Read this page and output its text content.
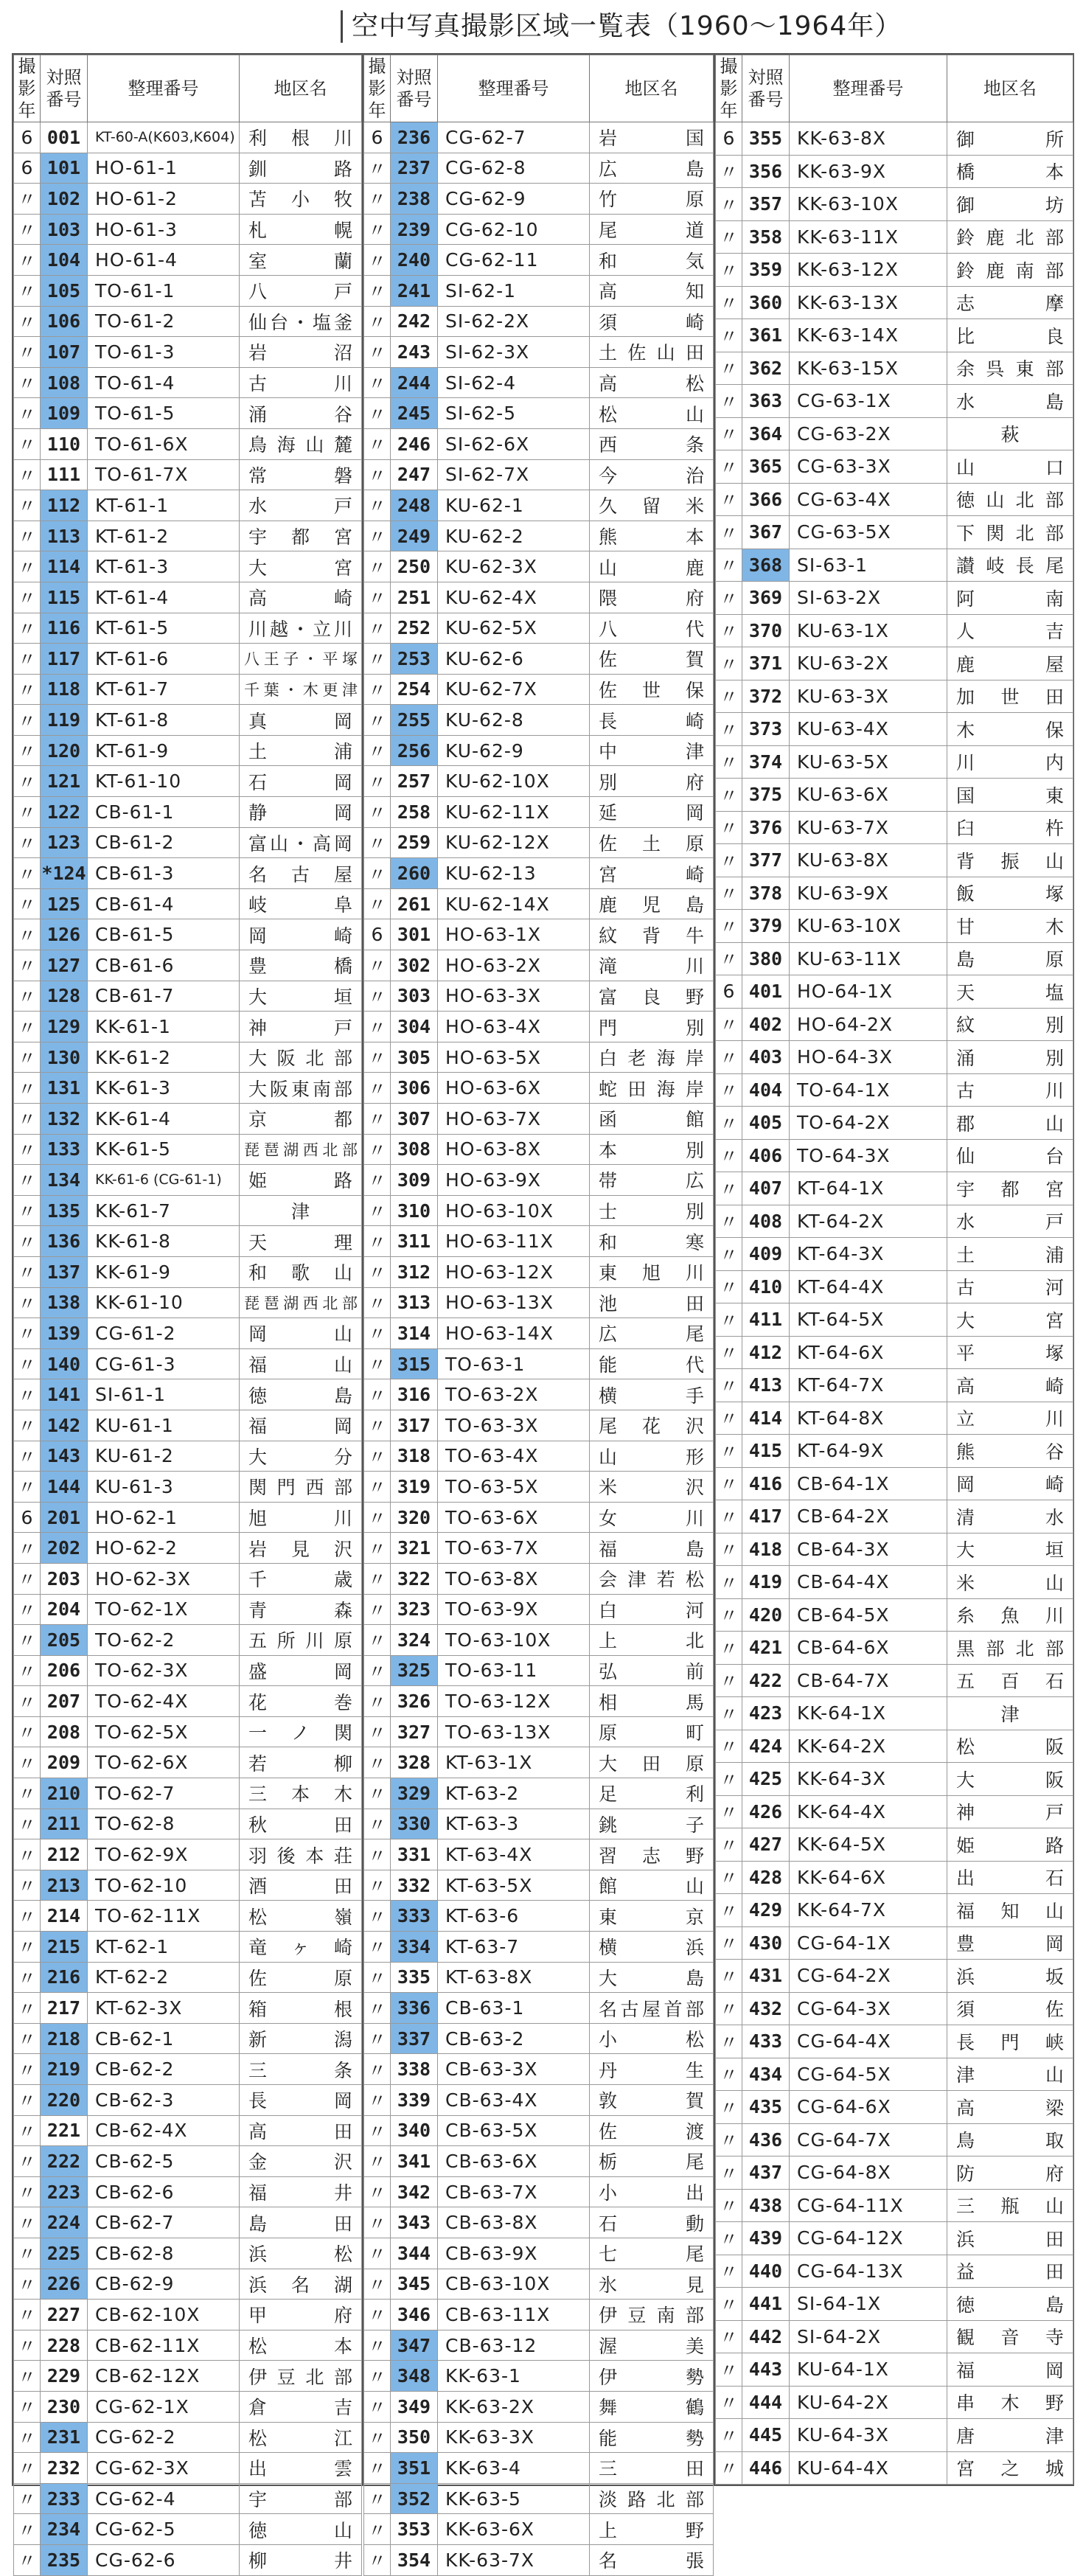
空中写真撮影区域一覧表（1960～1964年）
撮影年	対照番号	整理番号	地区名
6	001	KT-60-A(K603,K604)	利 根 川
6	101	HO-61-1	釧 路
〃	102	HO-61-2	苫 小 牧
〃	103	HO-61-3	札 幌
〃	104	HO-61-4	室 蘭
〃	105	TO-61-1	八 戸
〃	106	TO-61-2	仙台・塩釜
〃	107	TO-61-3	岩 沼
〃	108	TO-61-4	古 川
〃	109	TO-61-5	涌 谷
〃	110	TO-61-6X	鳥海山麓
〃	111	TO-61-7X	常 磐
〃	112	KT-61-1	水 戸
〃	113	KT-61-2	宇 都 宮
〃	114	KT-61-3	大 宮
〃	115	KT-61-4	高 崎
〃	116	KT-61-5	川越・立川
〃	117	KT-61-6	八王子・平塚
〃	118	KT-61-7	千葉・木更津
〃	119	KT-61-8	真 岡
〃	120	KT-61-9	土 浦
〃	121	KT-61-10	石 岡
〃	122	CB-61-1	静 岡
〃	123	CB-61-2	富山・高岡
〃	*124	CB-61-3	名 古 屋
〃	125	CB-61-4	岐 阜
〃	126	CB-61-5	岡 崎
〃	127	CB-61-6	豊 橋
〃	128	CB-61-7	大 垣
〃	129	KK-61-1	神 戸
〃	130	KK-61-2	大阪北部
〃	131	KK-61-3	大阪東南部
〃	132	KK-61-4	京 都
〃	133	KK-61-5	琵琶湖西北部
〃	134	KK-61-6 (CG-61-1)	姫 路
〃	135	KK-61-7	津
〃	136	KK-61-8	天 理
〃	137	KK-61-9	和 歌 山
〃	138	KK-61-10	琵琶湖西北部
〃	139	CG-61-2	岡 山
〃	140	CG-61-3	福 山
〃	141	SI-61-1	徳 島
〃	142	KU-61-1	福 岡
〃	143	KU-61-2	大 分
〃	144	KU-61-3	関門西部
6	201	HO-62-1	旭 川
〃	202	HO-62-2	岩 見 沢
〃	203	HO-62-3X	千 歳
〃	204	TO-62-1X	青 森
〃	205	TO-62-2	五所川原
〃	206	TO-62-3X	盛 岡
〃	207	TO-62-4X	花 巻
〃	208	TO-62-5X	一 ノ 関
〃	209	TO-62-6X	若 柳
〃	210	TO-62-7	三 本 木
〃	211	TO-62-8	秋 田
〃	212	TO-62-9X	羽後本荘
〃	213	TO-62-10	酒 田
〃	214	TO-62-11X	松 嶺
〃	215	KT-62-1	竜 ヶ 崎
〃	216	KT-62-2	佐 原
〃	217	KT-62-3X	箱 根
〃	218	CB-62-1	新 潟
〃	219	CB-62-2	三 条
〃	220	CB-62-3	長 岡
〃	221	CB-62-4X	高 田
〃	222	CB-62-5	金 沢
〃	223	CB-62-6	福 井
〃	224	CB-62-7	島 田
〃	225	CB-62-8	浜 松
〃	226	CB-62-9	浜 名 湖
〃	227	CB-62-10X	甲 府
〃	228	CB-62-11X	松 本
〃	229	CB-62-12X	伊豆北部
〃	230	CG-62-1X	倉 吉
〃	231	CG-62-2	松 江
〃	232	CG-62-3X	出 雲
〃	233	CG-62-4	宇 部
〃	234	CG-62-5	徳 山
〃	235	CG-62-6	柳 井
撮影年	対照番号	整理番号	地区名
6	236	CG-62-7	岩 国
〃	237	CG-62-8	広 島
〃	238	CG-62-9	竹 原
〃	239	CG-62-10	尾 道
〃	240	CG-62-11	和 気
〃	241	SI-62-1	高 知
〃	242	SI-62-2X	須 崎
〃	243	SI-62-3X	土佐山田
〃	244	SI-62-4	高 松
〃	245	SI-62-5	松 山
〃	246	SI-62-6X	西 条
〃	247	SI-62-7X	今 治
〃	248	KU-62-1	久 留 米
〃	249	KU-62-2	熊 本
〃	250	KU-62-3X	山 鹿
〃	251	KU-62-4X	隈 府
〃	252	KU-62-5X	八 代
〃	253	KU-62-6	佐 賀
〃	254	KU-62-7X	佐 世 保
〃	255	KU-62-8	長 崎
〃	256	KU-62-9	中 津
〃	257	KU-62-10X	別 府
〃	258	KU-62-11X	延 岡
〃	259	KU-62-12X	佐 土 原
〃	260	KU-62-13	宮 崎
〃	261	KU-62-14X	鹿 児 島
6	301	HO-63-1X	紋 背 牛
〃	302	HO-63-2X	滝 川
〃	303	HO-63-3X	富 良 野
〃	304	HO-63-4X	門 別
〃	305	HO-63-5X	白老海岸
〃	306	HO-63-6X	蛇田海岸
〃	307	HO-63-7X	函 館
〃	308	HO-63-8X	本 別
〃	309	HO-63-9X	帯 広
〃	310	HO-63-10X	士 別
〃	311	HO-63-11X	和 寒
〃	312	HO-63-12X	東 旭 川
〃	313	HO-63-13X	池 田
〃	314	HO-63-14X	広 尾
〃	315	TO-63-1	能 代
〃	316	TO-63-2X	横 手
〃	317	TO-63-3X	尾 花 沢
〃	318	TO-63-4X	山 形
〃	319	TO-63-5X	米 沢
〃	320	TO-63-6X	女 川
〃	321	TO-63-7X	福 島
〃	322	TO-63-8X	会津若松
〃	323	TO-63-9X	白 河
〃	324	TO-63-10X	上 北
〃	325	TO-63-11	弘 前
〃	326	TO-63-12X	相 馬
〃	327	TO-63-13X	原 町
〃	328	KT-63-1X	大 田 原
〃	329	KT-63-2	足 利
〃	330	KT-63-3	銚 子
〃	331	KT-63-4X	習 志 野
〃	332	KT-63-5X	館 山
〃	333	KT-63-6	東 京
〃	334	KT-63-7	横 浜
〃	335	KT-63-8X	大 島
〃	336	CB-63-1	名古屋首部
〃	337	CB-63-2	小 松
〃	338	CB-63-3X	丹 生
〃	339	CB-63-4X	敦 賀
〃	340	CB-63-5X	佐 渡
〃	341	CB-63-6X	栃 尾
〃	342	CB-63-7X	小 出
〃	343	CB-63-8X	石 動
〃	344	CB-63-9X	七 尾
〃	345	CB-63-10X	氷 見
〃	346	CB-63-11X	伊豆南部
〃	347	CB-63-12	渥 美
〃	348	KK-63-1	伊 勢
〃	349	KK-63-2X	舞 鶴
〃	350	KK-63-3X	能 勢
〃	351	KK-63-4	三 田
〃	352	KK-63-5	淡路北部
〃	353	KK-63-6X	上 野
〃	354	KK-63-7X	名 張
撮影年	対照番号	整理番号	地区名
6	355	KK-63-8X	御 所
〃	356	KK-63-9X	橋 本
〃	357	KK-63-10X	御 坊
〃	358	KK-63-11X	鈴鹿北部
〃	359	KK-63-12X	鈴鹿南部
〃	360	KK-63-13X	志 摩
〃	361	KK-63-14X	比 良
〃	362	KK-63-15X	余呉東部
〃	363	CG-63-1X	水 島
〃	364	CG-63-2X	萩
〃	365	CG-63-3X	山 口
〃	366	CG-63-4X	徳山北部
〃	367	CG-63-5X	下関北部
〃	368	SI-63-1	讃岐長尾
〃	369	SI-63-2X	阿 南
〃	370	KU-63-1X	人 吉
〃	371	KU-63-2X	鹿 屋
〃	372	KU-63-3X	加 世 田
〃	373	KU-63-4X	木 保
〃	374	KU-63-5X	川 内
〃	375	KU-63-6X	国 東
〃	376	KU-63-7X	臼 杵
〃	377	KU-63-8X	背 振 山
〃	378	KU-63-9X	飯 塚
〃	379	KU-63-10X	甘 木
〃	380	KU-63-11X	島 原
6	401	HO-64-1X	天 塩
〃	402	HO-64-2X	紋 別
〃	403	HO-64-3X	涌 別
〃	404	TO-64-1X	古 川
〃	405	TO-64-2X	郡 山
〃	406	TO-64-3X	仙 台
〃	407	KT-64-1X	宇 都 宮
〃	408	KT-64-2X	水 戸
〃	409	KT-64-3X	土 浦
〃	410	KT-64-4X	古 河
〃	411	KT-64-5X	大 宮
〃	412	KT-64-6X	平 塚
〃	413	KT-64-7X	高 崎
〃	414	KT-64-8X	立 川
〃	415	KT-64-9X	熊 谷
〃	416	CB-64-1X	岡 崎
〃	417	CB-64-2X	清 水
〃	418	CB-64-3X	大 垣
〃	419	CB-64-4X	米 山
〃	420	CB-64-5X	糸 魚 川
〃	421	CB-64-6X	黒部北部
〃	422	CB-64-7X	五 百 石
〃	423	KK-64-1X	津
〃	424	KK-64-2X	松 阪
〃	425	KK-64-3X	大 阪
〃	426	KK-64-4X	神 戸
〃	427	KK-64-5X	姫 路
〃	428	KK-64-6X	出 石
〃	429	KK-64-7X	福 知 山
〃	430	CG-64-1X	豊 岡
〃	431	CG-64-2X	浜 坂
〃	432	CG-64-3X	須 佐
〃	433	CG-64-4X	長 門 峡
〃	434	CG-64-5X	津 山
〃	435	CG-64-6X	高 梁
〃	436	CG-64-7X	鳥 取
〃	437	CG-64-8X	防 府
〃	438	CG-64-11X	三 瓶 山
〃	439	CG-64-12X	浜 田
〃	440	CG-64-13X	益 田
〃	441	SI-64-1X	徳 島
〃	442	SI-64-2X	観 音 寺
〃	443	KU-64-1X	福 岡
〃	444	KU-64-2X	串 木 野
〃	445	KU-64-3X	唐 津
〃	446	KU-64-4X	宮 之 城
